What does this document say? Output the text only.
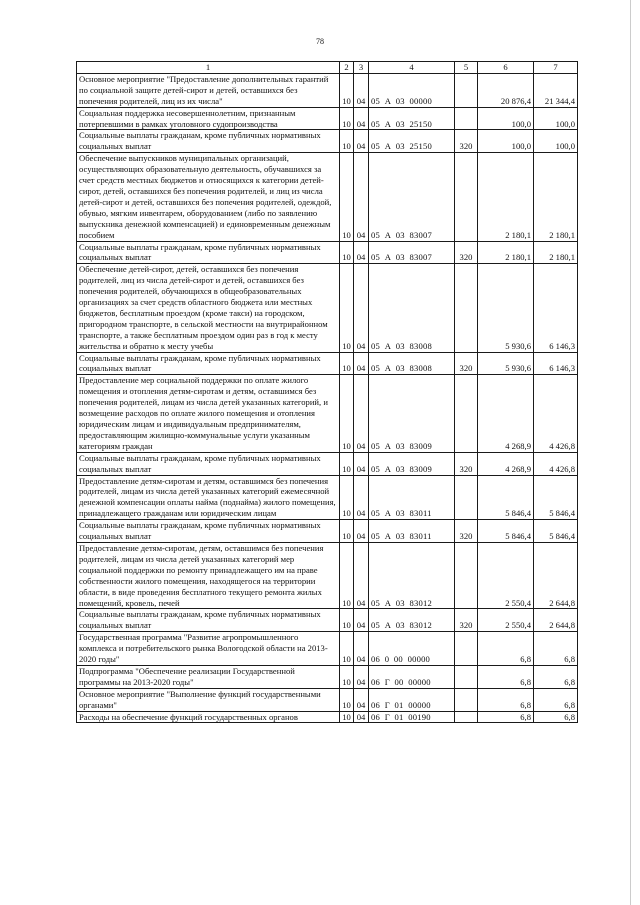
78
1	2	3	4	5	6	7
Основное мероприятие "Предоставление дополнительных гарантий по социальной защите детей-сирот и детей, оставшихся без попечения родителей, лиц из их числа"	10	04	05  А  03  00000		20 876,4	21 344,4
Социальная поддержка несовершеннолетним, признанным потерпевшими в рамках уголовного судопроизводства	10	04	05  А  03  25150		100,0	100,0
Социальные выплаты гражданам, кроме публичных нормативных социальных выплат	10	04	05  А  03  25150	320	100,0	100,0
Обеспечение выпускников муниципальных организаций, осуществляющих образовательную деятельность, обучавшихся за счет средств местных бюджетов и относящихся к категории детей-сирот, детей, оставшихся без попечения родителей, и лиц из числа детей-сирот и детей, оставшихся без попечения родителей, одеждой, обувью, мягким инвентарем, оборудованием (либо по заявлению выпускника денежной компенсацией) и единовременным денежным пособием	10	04	05  А  03  83007		2 180,1	2 180,1
Социальные выплаты гражданам, кроме публичных нормативных социальных выплат	10	04	05  А  03  83007	320	2 180,1	2 180,1
Обеспечение детей-сирот, детей, оставшихся без попечения родителей, лиц из числа детей-сирот и детей, оставшихся без попечения родителей, обучающихся в общеобразовательных организациях за счет средств областного бюджета или местных бюджетов, бесплатным проездом (кроме такси) на городском, пригородном транспорте, в сельской местности на внутрирайонном транспорте, а также бесплатным проездом один раз в год к месту жительства и обратно к месту учебы	10	04	05  А  03  83008		5 930,6	6 146,3
Социальные выплаты гражданам, кроме публичных нормативных социальных выплат	10	04	05  А  03  83008	320	5 930,6	6 146,3
Предоставление мер социальной поддержки по оплате жилого помещения и отопления детям-сиротам и детям, оставшимся без попечения родителей, лицам из числа детей указанных категорий, и возмещение расходов по оплате жилого помещения и отопления юридическим лицам и индивидуальным предпринимателям, предоставляющим жилищно-коммунальные услуги указанным категориям граждан	10	04	05  А  03  83009		4 268,9	4 426,8
Социальные выплаты гражданам, кроме публичных нормативных социальных выплат	10	04	05  А  03  83009	320	4 268,9	4 426,8
Предоставление детям-сиротам и детям, оставшимся без попечения родителей, лицам из числа детей указанных категорий ежемесячной денежной компенсации оплаты найма (поднайма) жилого помещения, принадлежащего гражданам или юридическим лицам	10	04	05  А  03  83011		5 846,4	5 846,4
Социальные выплаты гражданам, кроме публичных нормативных социальных выплат	10	04	05  А  03  83011	320	5 846,4	5 846,4
Предоставление детям-сиротам, детям, оставшимся без попечения родителей, лицам из числа детей указанных категорий мер социальной поддержки по ремонту принадлежащего им на праве собственности жилого помещения, находящегося на территории области, в виде проведения бесплатного текущего ремонта жилых помещений, кровель, печей	10	04	05  А  03  83012		2 550,4	2 644,8
Социальные выплаты гражданам, кроме публичных нормативных социальных выплат	10	04	05  А  03  83012	320	2 550,4	2 644,8
Государственная программа "Развитие агропромышленного комплекса и потребительского рынка Вологодской области на 2013-2020 годы"	10	04	06  0  00  00000		6,8	6,8
Подпрограмма "Обеспечение реализации Государственной программы на 2013-2020 годы"	10	04	06  Г  00  00000		6,8	6,8
Основное мероприятие "Выполнение функций государственными органами"	10	04	06  Г  01  00000		6,8	6,8
Расходы на обеспечение функций государственных органов	10	04	06  Г  01  00190		6,8	6,8
